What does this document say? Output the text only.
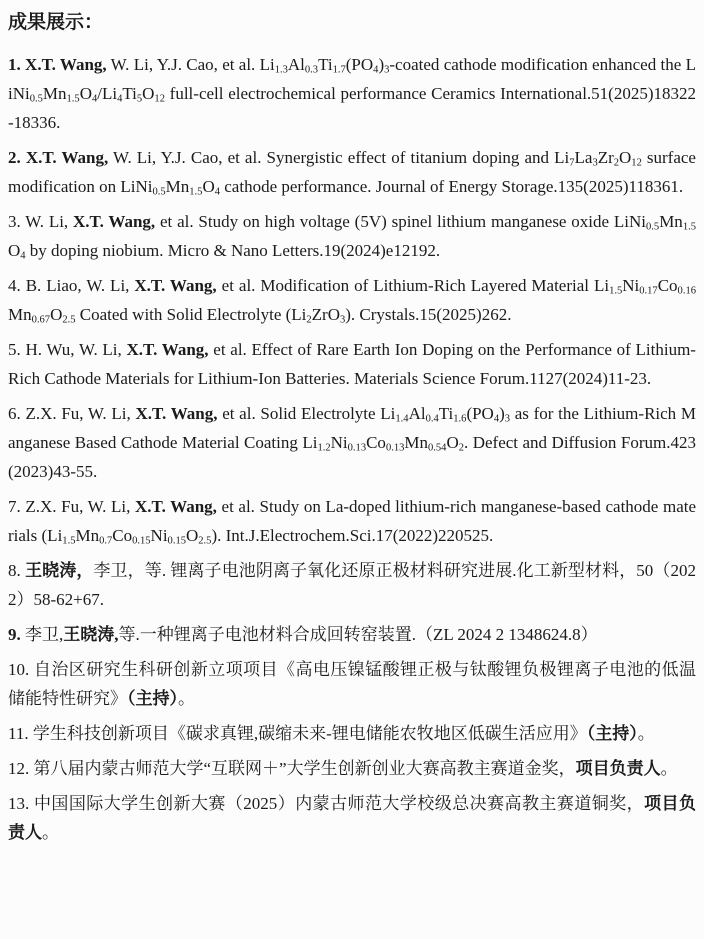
成果展示：

1. X.T. Wang, W. Li, Y.J. Cao, et al. $Li_{1.3}Al_{0.3}Ti_{1.7}(PO_4)_3$-coated cathode modification enhanced the $LiNi_{0.5}Mn_{1.5}O_4/Li_4Ti_5O_{12}$ full-cell electrochemical performance Ceramics International.51(2025)18322-18336.

2. X.T. Wang, W. Li, Y.J. Cao, et al. Synergistic effect of titanium doping and $Li_7La_3Zr_2O_{12}$ surface modification on $LiNi_{0.5}Mn_{1.5}O_4$ cathode performance. Journal of Energy Storage.135(2025)118361.

3. W. Li, X.T. Wang, et al. Study on high voltage (5V) spinel lithium manganese oxide $LiNi_{0.5}Mn_{1.5}O_4$ by doping niobium. Micro & Nano Letters.19(2024)e12192.

4. B. Liao, W. Li, X.T. Wang, et al. Modification of Lithium-Rich Layered Material $Li_{1.5}Ni_{0.17}Co_{0.16}Mn_{0.67}O_{2.5}$ Coated with Solid Electrolyte $(Li_2ZrO_3)$. Crystals.15(2025)262.

5. H. Wu, W. Li, X.T. Wang, et al. Effect of Rare Earth Ion Doping on the Performance of Lithium-Rich Cathode Materials for Lithium-Ion Batteries. Materials Science Forum.1127(2024)11-23.

6. Z.X. Fu, W. Li, X.T. Wang, et al. Solid Electrolyte $Li_{1.4}Al_{0.4}Ti_{1.6}(PO_4)_3$ as for the Lithium-Rich Manganese Based Cathode Material Coating $Li_{1.2}Ni_{0.13}Co_{0.13}Mn_{0.54}O_2$. Defect and Diffusion Forum.423(2023)43-55.

7. Z.X. Fu, W. Li, X.T. Wang, et al. Study on La-doped lithium-rich manganese-based cathode materials $(Li_{1.5}Mn_{0.7}Co_{0.15}Ni_{0.15}O_{2.5})$. Int.J.Electrochem.Sci.17(2022)220525.

8. 王晓涛，李卫，等. 锂离子电池阴离子氧化还原正极材料研究进展.化工新型材料，50（2022）58-62+67.

9. 李卫,王晓涛,等.一种锂离子电池材料合成回转窑装置.（ZL 2024 2 1348624.8）

10. 自治区研究生科研创新立项项目《高电压镍锰酸锂正极与钛酸锂负极锂离子电池的低温储能特性研究》（主持）。

11. 学生科技创新项目《碳求真锂,碳缩未来-锂电储能农牧地区低碳生活应用》（主持）。

12. 第八届内蒙古师范大学“互联网＋”大学生创新创业大赛高教主赛道金奖，项目负责人。

13. 中国国际大学生创新大赛（2025）内蒙古师范大学校级总决赛高教主赛道铜奖，项目负责人。
